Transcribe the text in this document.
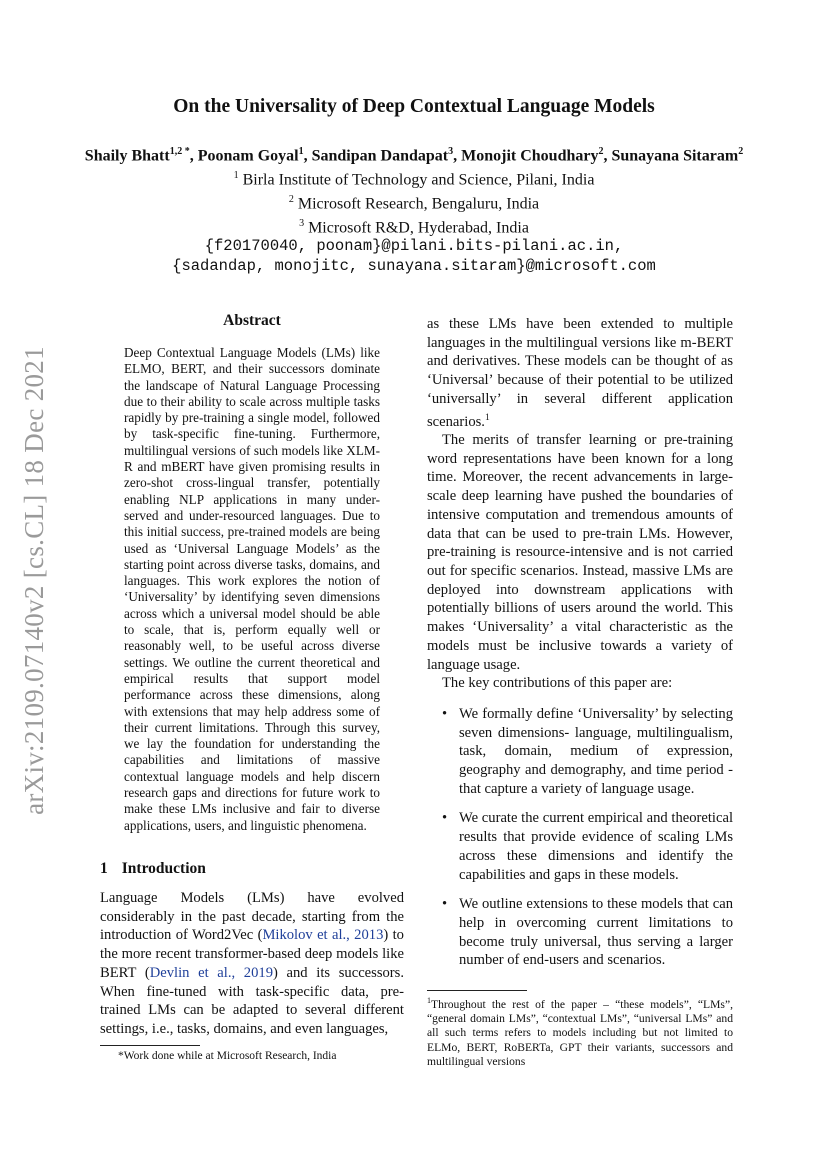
arXiv:2109.07140v2 [cs.CL] 18 Dec 2021
On the Universality of Deep Contextual Language Models
Shaily Bhatt$^{1,2 *}$, Poonam Goyal$^1$, Sandipan Dandapat$^3$, Monojit Choudhary$^2$, Sunayana Sitaram$^2$
$^1$ Birla Institute of Technology and Science, Pilani, India
$^2$ Microsoft Research, Bengaluru, India
$^3$ Microsoft R&D, Hyderabad, India
{f20170040, poonam}@pilani.bits-pilani.ac.in,
{sadandap, monojitc, sunayana.sitaram}@microsoft.com
Abstract
Deep Contextual Language Models (LMs) like ELMO, BERT, and their successors dominate the landscape of Natural Language Processing due to their ability to scale across multiple tasks rapidly by pre-training a single model, followed by task-specific fine-tuning. Furthermore, multilingual versions of such models like XLM-R and mBERT have given promising results in zero-shot cross-lingual transfer, potentially enabling NLP applications in many under-served and under-resourced languages. Due to this initial success, pre-trained models are being used as ‘Universal Language Models’ as the starting point across diverse tasks, domains, and languages. This work explores the notion of ‘Universality’ by identifying seven dimensions across which a universal model should be able to scale, that is, perform equally well or reasonably well, to be useful across diverse settings. We outline the current theoretical and empirical results that support model performance across these dimensions, along with extensions that may help address some of their current limitations. Through this survey, we lay the foundation for understanding the capabilities and limitations of massive contextual language models and help discern research gaps and directions for future work to make these LMs inclusive and fair to diverse applications, users, and linguistic phenomena.
1 Introduction
Language Models (LMs) have evolved considerably in the past decade, starting from the introduction of Word2Vec (Mikolov et al., 2013) to the more recent transformer-based deep models like BERT (Devlin et al., 2019) and its successors. When fine-tuned with task-specific data, pre-trained LMs can be adapted to several different settings, i.e., tasks, domains, and even languages,
*Work done while at Microsoft Research, India

as these LMs have been extended to multiple languages in the multilingual versions like m-BERT and derivatives. These models can be thought of as ‘Universal’ because of their potential to be utilized ‘universally’ in several different application scenarios.$^1$

The merits of transfer learning or pre-training word representations have been known for a long time. Moreover, the recent advancements in large-scale deep learning have pushed the boundaries of intensive computation and tremendous amounts of data that can be used to pre-train LMs. However, pre-training is resource-intensive and is not carried out for specific scenarios. Instead, massive LMs are deployed into downstream applications with potentially billions of users around the world. This makes ‘Universality’ a vital characteristic as the models must be inclusive towards a variety of language usage.

The key contributions of this paper are:

• We formally define ‘Universality’ by selecting seven dimensions- language, multilingualism, task, domain, medium of expression, geography and demography, and time period - that capture a variety of language usage.
• We curate the current empirical and theoretical results that provide evidence of scaling LMs across these dimensions and identify the capabilities and gaps in these models.
• We outline extensions to these models that can help in overcoming current limitations to become truly universal, thus serving a larger number of end-users and scenarios.
$^1$Throughout the rest of the paper – “these models”, “LMs”, “general domain LMs”, “contextual LMs”, “universal LMs” and all such terms refers to models including but not limited to ELMo, BERT, RoBERTa, GPT their variants, successors and multilingual versions
